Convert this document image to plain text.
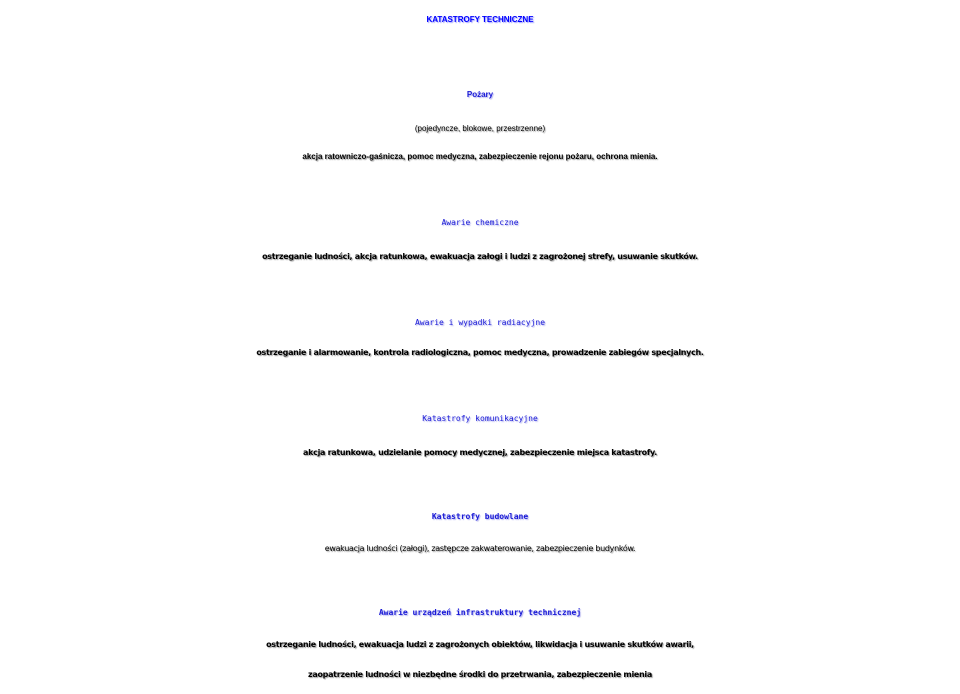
KATASTROFY TECHNICZNE
Pożary
(pojedyncze, blokowe, przestrzenne)
akcja ratowniczo-gaśnicza, pomoc medyczna, zabezpieczenie rejonu pożaru, ochrona mienia.
Awarie chemiczne
ostrzeganie ludności, akcja ratunkowa, ewakuacja załogi i ludzi z zagrożonej strefy, usuwanie skutków.
Awarie i wypadki radiacyjne
ostrzeganie i alarmowanie, kontrola radiologiczna, pomoc medyczna, prowadzenie zabiegów specjalnych.
Katastrofy komunikacyjne
akcja ratunkowa, udzielanie pomocy medycznej, zabezpieczenie miejsca katastrofy.
Katastrofy budowlane
ewakuacja ludności (załogi), zastępcze zakwaterowanie, zabezpieczenie budynków.
Awarie urządzeń infrastruktury technicznej
ostrzeganie ludności, ewakuacja ludzi z zagrożonych obiektów, likwidacja i usuwanie skutków awarii,
zaopatrzenie ludności w niezbędne środki do przetrwania, zabezpieczenie mienia
